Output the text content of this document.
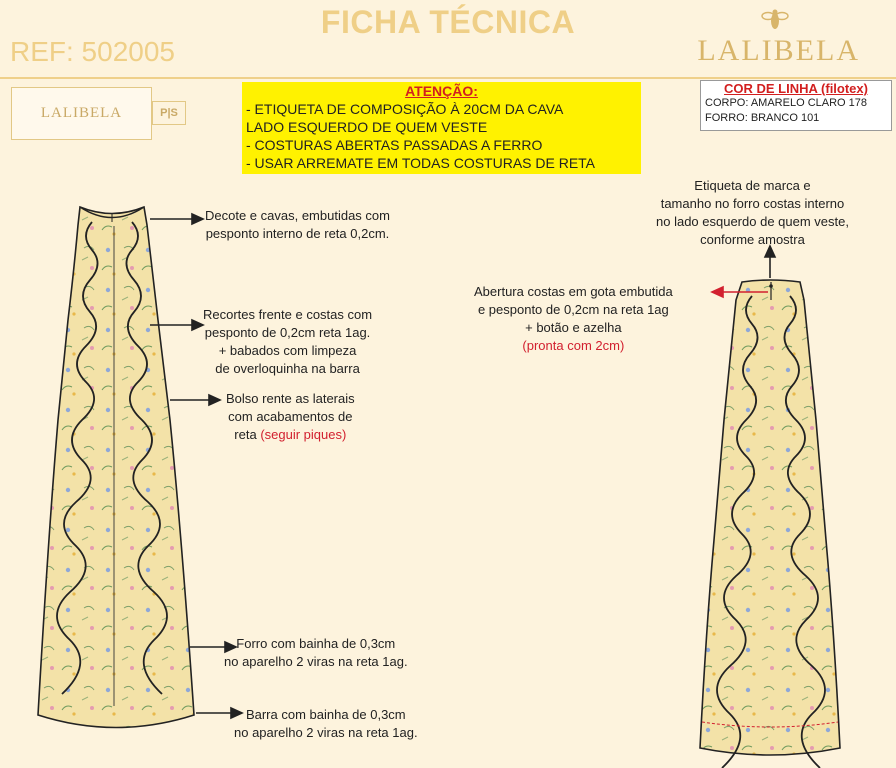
FICHA TÉCNICA
REF: 502005	LALIBELA
LALIBELA	P|S
ATENÇÃO:
- ETIQUETA DE COMPOSIÇÃO À 20CM DA CAVA
LADO ESQUERDO DE QUEM VESTE
- COSTURAS ABERTAS PASSADAS A FERRO
- USAR ARREMATE EM TODAS COSTURAS DE RETA
COR DE LINHA (filotex)
CORPO: AMARELO CLARO 178
FORRO: BRANCO 101
Decote e cavas, embutidas com
pesponto interno de reta 0,2cm.
Recortes frente e costas com
pesponto de 0,2cm reta 1ag.
+ babados com limpeza
de overloquinha na barra
Bolso rente as laterais
com acabamentos de
reta (seguir piques)
Forro com bainha de 0,3cm
no aparelho 2 viras na reta 1ag.
Barra com bainha de 0,3cm
no aparelho 2 viras na reta 1ag.
Etiqueta de marca e
tamanho no forro costas interno
no lado esquerdo de quem veste,
conforme amostra
Abertura costas em gota embutida
e pesponto de 0,2cm na reta 1ag
+ botão e azelha
(pronta com 2cm)
